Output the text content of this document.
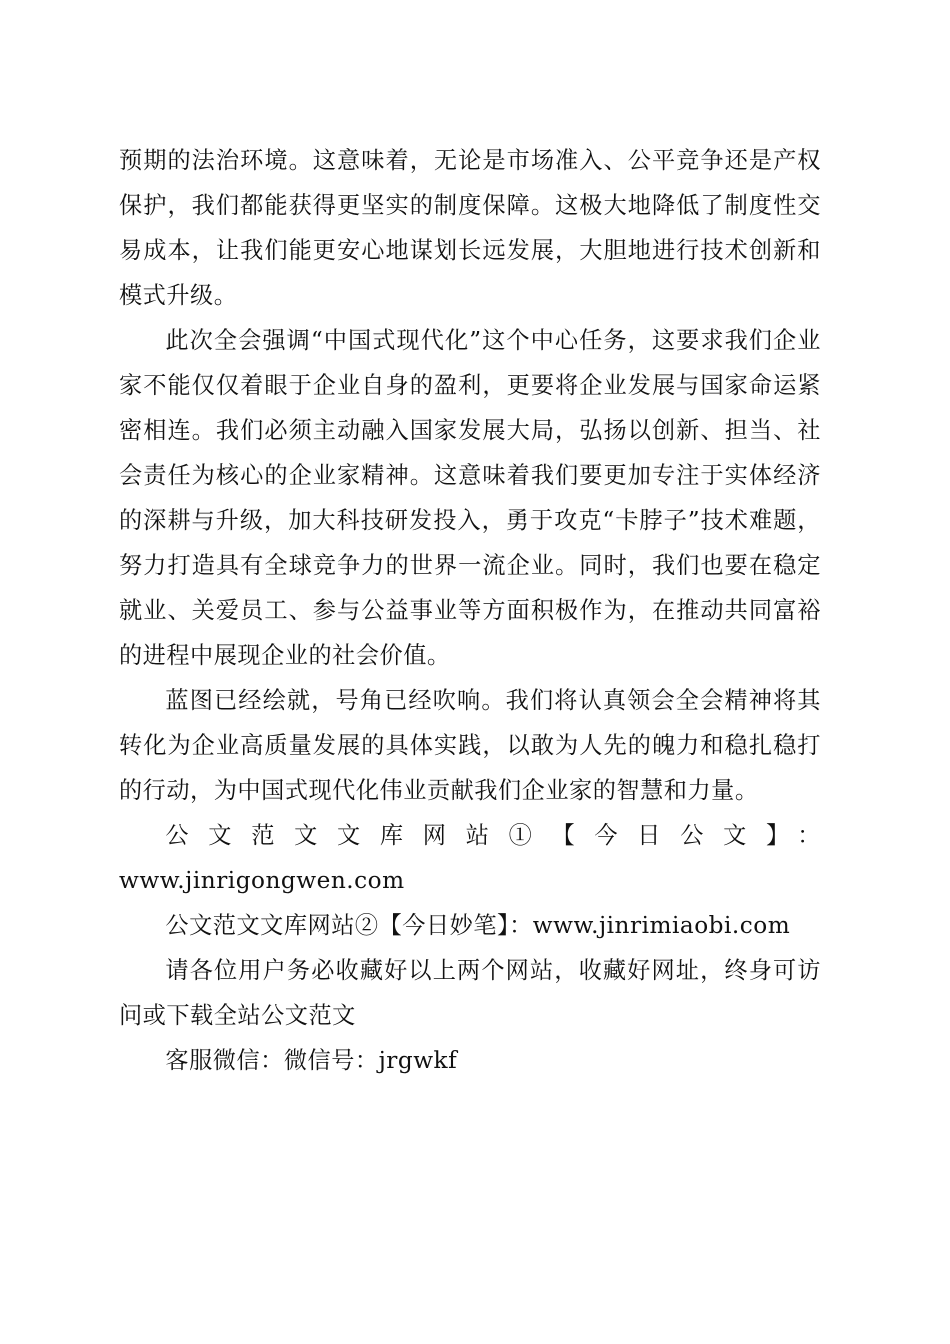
预期的法治环境。这意味着，无论是市场准入、公平竞争还是产权保护，我们都能获得更坚实的制度保障。这极大地降低了制度性交易成本，让我们能更安心地谋划长远发展，大胆地进行技术创新和模式升级。

此次全会强调“中国式现代化”这个中心任务，这要求我们企业家不能仅仅着眼于企业自身的盈利，更要将企业发展与国家命运紧密相连。我们必须主动融入国家发展大局，弘扬以创新、担当、社会责任为核心的企业家精神。这意味着我们要更加专注于实体经济的深耕与升级，加大科技研发投入，勇于攻克“卡脖子”技术难题，努力打造具有全球竞争力的世界一流企业。同时，我们也要在稳定就业、关爱员工、参与公益事业等方面积极作为，在推动共同富裕的进程中展现企业的社会价值。

蓝图已经绘就，号角已经吹响。我们将认真领会全会精神将其转化为企业高质量发展的具体实践，以敢为人先的魄力和稳扎稳打的行动，为中国式现代化伟业贡献我们企业家的智慧和力量。

公文范文文库网站①【今日公文】：

www.jinrigongwen.com

公文范文文库网站②【今日妙笔】：www.jinrimiaobi.com

请各位用户务必收藏好以上两个网站，收藏好网址，终身可访问或下载全站公文范文

客服微信：微信号：jrgwkf
